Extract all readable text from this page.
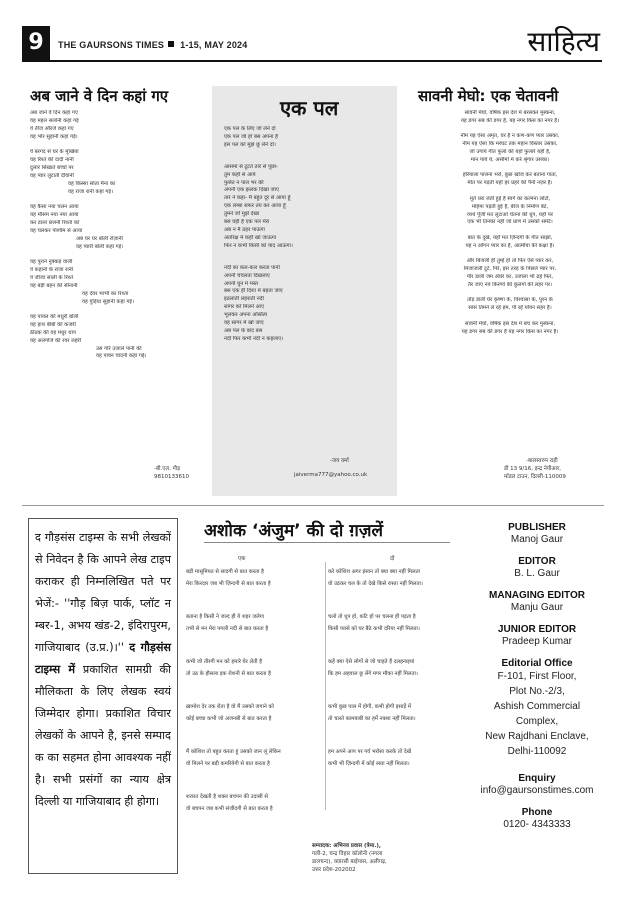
9	THE GAURSONS TIMES 1-15, MAY 2024	साहित्य
अब जाने वे दिन कहां गए

अब जाने वे दिन कहां गए
वह महल सलोनी कहां गई
वे तीज औरंजे कहां गए
वह भोर सुहानी कहां गई।

वे बरगद से घर के मुखिया
वह रिश्ते की दादी नानी
दुलार सिखाते बच्चों पर
वह प्यार लुटाती दीवानी
वह किस्सा सोता मैना का
वह राजा रानी कहां गई।

वह कैसा नया चलन आया
यह मौसम नया नया आया
कर डाला छलनी रिश्तों को
वह चलकर पश्चिम से आया
अब घर घर बोली रोज़ानी
वह प्यारी बोली कहां गई।

वह पुराने नुक्कड़ वाली
वे कहानी के राजा रानी
वे जीजा साली के रिश्ते
वह बड़ी बहन की सीनानी
वह देवर भाभी का रिश्ता
वह गुड़िया सुहानी कहां गई।

वह पायल की मधुरी बोली
वह हाथ बीबी की कजरी
ठीठक की वह मधुर थाप
वह अलगोजे की रवर लहरी
उस गोरे उजाले पानी की
वह पावन चांदनी कहां गई।

-बी.एल. गौड़
9810133610
एक पल

एक पल के लिए जो लेने दो
एक पल जो हो बस अपना है
इस पल को मुझे छू लेने दो।

आसमां से टूटते तारे से पूछा-
तुम कहाँ से आये
फुर्सत न पाल भर की
अपनी एक झलक दिखा जाए
तारे ने कहा- मैं बहुत दूर से आया हूँ
एक लम्बा सफर तय कर आया हूँ
तुमने जो मुझे देखा
बस वही है एक पल मेरा
अब न मैं ठहर पाऊंगा
अंतरिक्ष में कहीं खो जाऊंगा
फिर न कभी किसी को याद आऊंगा।

नदी का कल-कल करता पानी
अपनी चंचलता दिखलाए
अपनी धुन में मस्त
बस एक ही दिशा में बहता जाए
इठलाती लहराती नदी
सागर को मिलने आए
भूलकर अपना अस्तित्व
वह सागर में खो जाए
अब पल के बाद बस
नदी फिर कभी नदी न कहलाए।

-जय वर्मा
jaiverma777@yahoo.co.uk
सावनी मेघो: एक चेतावनी

सावनी मेघो, वर्षिक इस देश में बरसकर मुस्कना,
यह डगर सब की डगर है, यह नगर किस का नगर है।

नीम यह ऐसा अमृत, घर है न कण-कण प्यार उसका,
नीम यह ऐसा कि मरघट तक महान विस्तार उसका,
जो उगाये गीत फूलों की यहाँ फुलारे यहीं है,
मान पाये ये, असीमों में करें श्रृंगार उसका।

हरियाला पालना भरो, कुछ खोज कर बताना गाता,
मीत पर पड़ती यहाँ हर प्रहरे की पैनी नज़र है।

मूर्त धरा लेती हुई है स्वर्ग का कल्पना लोटो,
महिमा पड़ती हुई है, बीज के निर्माण बेटे,
व्यर्थ पूँजी मत लुटाओ चेतना की धुप, यहाँ पर
एक भी तिनका नहीं जो प्राण में उसको समेटे।

बात के दूखे, यहाँ मत ज़िन्दगी के गीत साझो,
यह न आँगन प्यार का है, आत्मीया की कक्षा है।

और बिजली ही तुम्हें हो तो फिर ऐसे प्यार कर,
मिजाजली टूटें, पिरें, इस तरह के पिछले प्यार पर,
पीर डाली जम अँधेरे का, उजाला भी ढहे फिर,
तैर जाए नव किरणों की कुलगो की लहर पर।

तोड़ डाली घेर कृष्णा के, विश्वासा के, पुरन के
सांस तिमने ले रहे हम, पी रहे योवन सहर है।

सावनी मेघो, वर्षिक इस देश में बच कर मुस्कना,
यह डगर सब की डगर है यह नगर किस का नगर है।

-बालस्वरुप राही
डी 13 9/16, इन्द्र नेपीआर,
मॉडल टाउन, दिल्ली-110009
द गौड़संस टाइम्स के सभी लेखकों से निवेदन है कि आपने लेख टाइप कराकर ही निम्नलिखित पते पर भेजें:- ''गौड़ बिज़ पार्क, प्लॉट नम्बर-1, अभय खंड-2, इंदिरापुरम, गाजियाबाद (उ.प्र.)।'' द गौड़संस टाइम्स में प्रकाशित सामग्री की मौलिकता के लिए लेखक स्वयं जिम्मेदार होगा। प्रकाशित विचार लेखकों के आपने है, इनसे सम्पादक का सहमत होना आवश्यक नहीं है। सभी प्रसंगों का न्याय क्षेत्र दिल्ली या गाजियाबाद ही होगा।
अशोक ‘अंजुम’ की दो ग़ज़लें
एक	दो

बड़ी मासूमियत से सादगी से बात करता है
मेरा किरदार जब भी ज़िन्दगी से बात करता है

बताना है किसी ने जल्द ही ये शहर जलेगा
तभी से मन मेरा पगली नदी से बात करता है

कभी जो तीरगी मन को हमारे घेर लेती है
तो उठ के हौसला इक रोशनी से बात करता है

ख़ामोश देर तक रोता है वो मैं उसको जगाने को
कोई बच्चा कभी जो अजनबी से बात करता है

मैं कोशिश तो बहुत करता हूं उसको जान लूं लेकिन
वो मिलने पर बड़ी कमरियेगी से बात करता है

शरारत देखती है शक्ल बचपन की उदासी से
वो बचपन जब कभी संजीदगी से बात करता है

करे कोशिश अगर इंसान तो क्या क्या नहीं मिलता
वो उठकर चल के तो देखे किसे रास्ता नहीं मिलता।

चलो तो धूप हो, कटि हो पर चलना ही पड़ता है
किसी प्यासे को घर बैठे कभी दरिया नहीं मिलता।

कहें क्या ऐसे लोगों से जो चाहते हैं दलहनाइयां
कि हम अहवाल छू लेंगे मगर मौका नहीं मिलता।

कभी कुछ पाल में होगी, कभी होगी इसाड़ें में
तो चलते कामयाबी का हमें नक्शा नहीं मिलता।

हम अपने आप पर गर्व भरोसा करके तो देखें
कभी भी ज़िन्दगी में कोई रस्ता नहीं मिलता।

सम्पादक: अभिनव प्रवास (त्रेमा.),
गली-2, चन्द्र विहार कॉलोनी (नगला
डालचन्द), क्वारसी बाईपास, अलीगढ़,
उत्तर प्रदेश-202002
PUBLISHER
Manoj Gaur
EDITOR
B. L. Gaur
MANAGING EDITOR
Manju Gaur
JUNIOR EDITOR
Pradeep Kumar
Editorial Office
F-101, First Floor,
Plot No.-2/3,
Ashish Commercial
Complex,
New Rajdhani Enclave,
Delhi-110092
Enquiry
info@gaursonstimes.com
Phone
0120- 4343333
